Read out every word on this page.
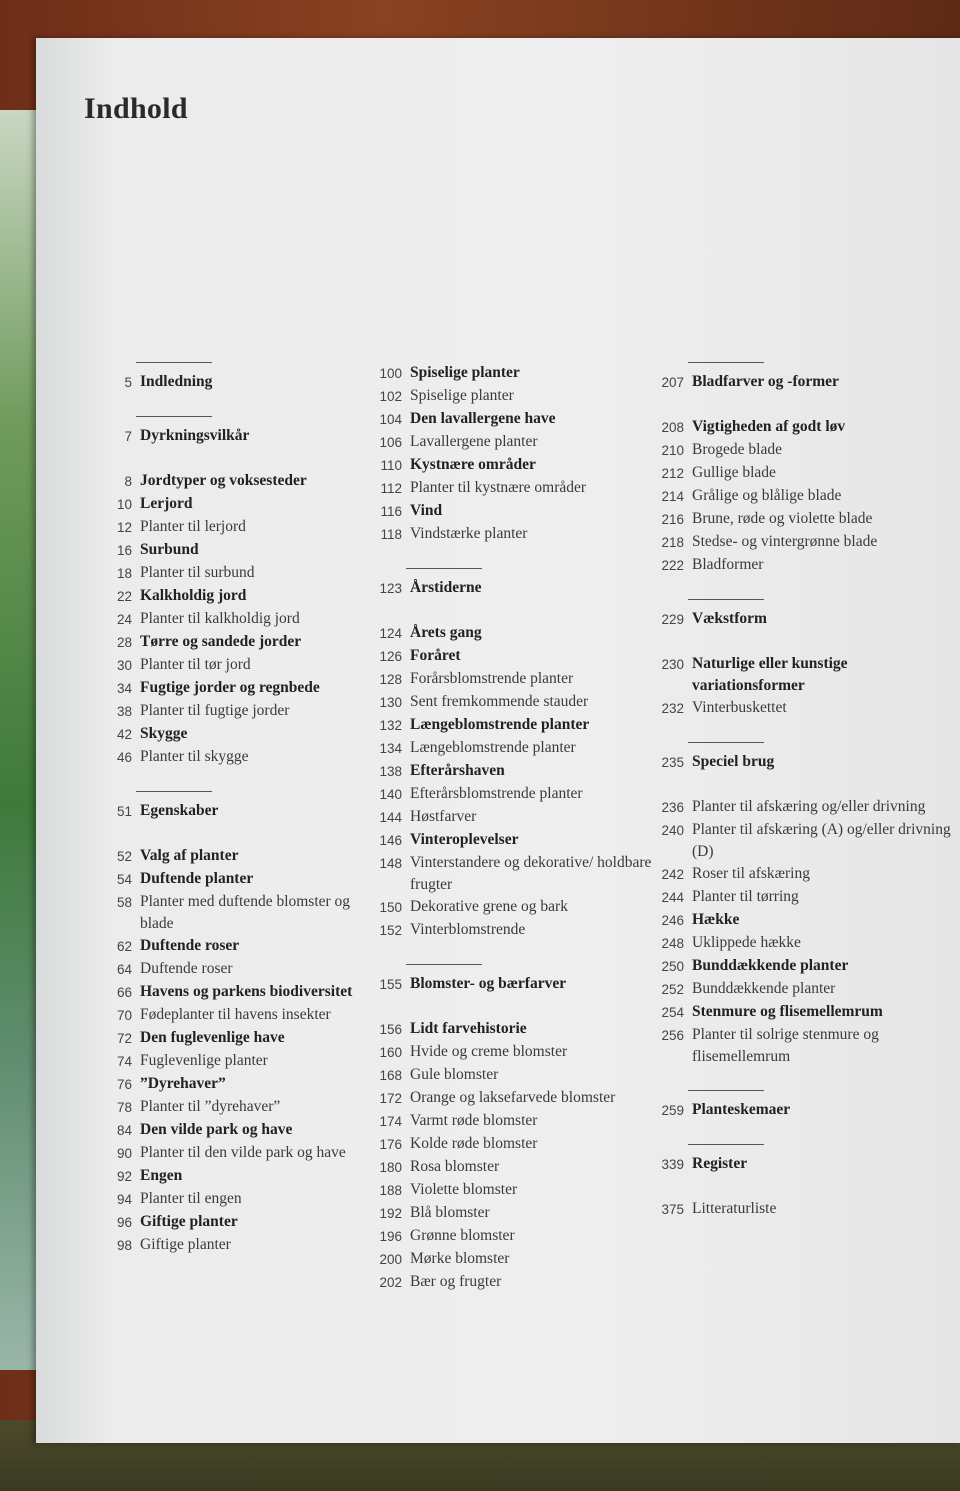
Indhold
5 Indledning
7 Dyrkningsvilkår
8 Jordtyper og voksesteder
10 Lerjord
12 Planter til lerjord
16 Surbund
18 Planter til surbund
22 Kalkholdig jord
24 Planter til kalkholdig jord
28 Tørre og sandede jorder
30 Planter til tør jord
34 Fugtige jorder og regnbede
38 Planter til fugtige jorder
42 Skygge
46 Planter til skygge
51 Egenskaber
52 Valg af planter
54 Duftende planter
58 Planter med duftende blomster og blade
62 Duftende roser
64 Duftende roser
66 Havens og parkens biodiversitet
70 Fødeplanter til havens insekter
72 Den fuglevenlige have
74 Fuglevenlige planter
76 ”Dyrehaver”
78 Planter til ”dyrehaver”
84 Den vilde park og have
90 Planter til den vilde park og have
92 Engen
94 Planter til engen
96 Giftige planter
98 Giftige planter
100 Spiselige planter
102 Spiselige planter
104 Den lavallergene have
106 Lavallergene planter
110 Kystnære områder
112 Planter til kystnære områder
116 Vind
118 Vindstærke planter
123 Årstiderne
124 Årets gang
126 Foråret
128 Forårsblomstrende planter
130 Sent fremkommende stauder
132 Længeblomstrende planter
134 Længeblomstrende planter
138 Efterårshaven
140 Efterårsblomstrende planter
144 Høstfarver
146 Vinteroplevelser
148 Vinterstandere og dekorative/ holdbare frugter
150 Dekorative grene og bark
152 Vinterblomstrende
155 Blomster- og bærfarver
156 Lidt farvehistorie
160 Hvide og creme blomster
168 Gule blomster
172 Orange og laksefarvede blomster
174 Varmt røde blomster
176 Kolde røde blomster
180 Rosa blomster
188 Violette blomster
192 Blå blomster
196 Grønne blomster
200 Mørke blomster
202 Bær og frugter
207 Bladfarver og -former
208 Vigtigheden af godt løv
210 Brogede blade
212 Gullige blade
214 Grålige og blålige blade
216 Brune, røde og violette blade
218 Stedse- og vintergrønne blade
222 Bladformer
229 Vækstform
230 Naturlige eller kunstige variationsformer
232 Vinterbuskettet
235 Speciel brug
236 Planter til afskæring og/eller drivning
240 Planter til afskæring (A) og/eller drivning (D)
242 Roser til afskæring
244 Planter til tørring
246 Hække
248 Uklippede hække
250 Bunddækkende planter
252 Bunddækkende planter
254 Stenmure og flisemellemrum
256 Planter til solrige stenmure og flisemellemrum
259 Planteskemaer
339 Register
375 Litteraturliste
